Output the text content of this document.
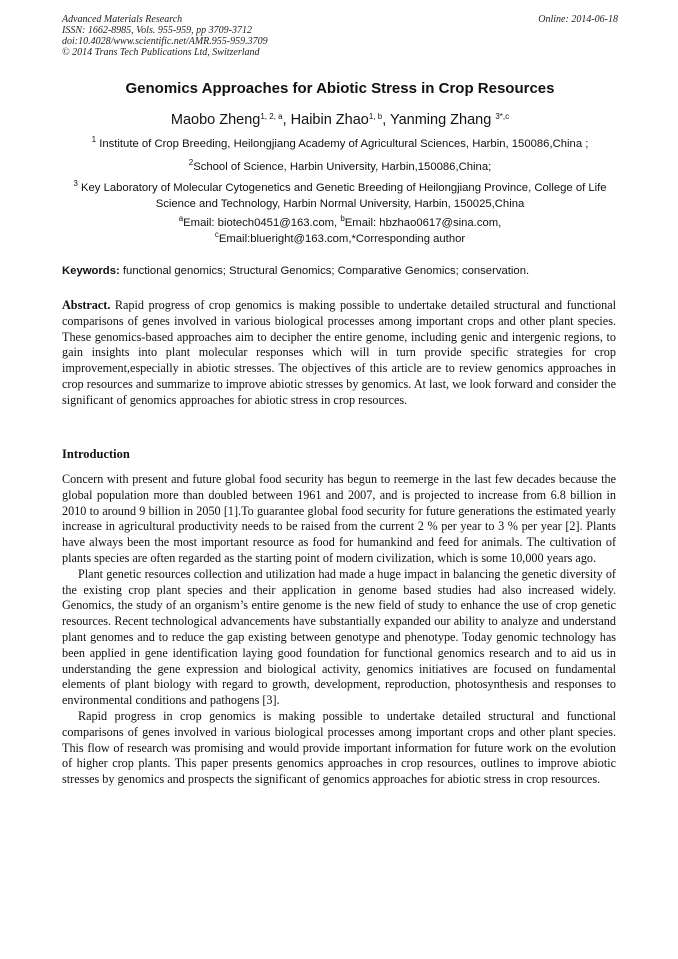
Advanced Materials Research
ISSN: 1662-8985, Vols. 955-959, pp 3709-3712
doi:10.4028/www.scientific.net/AMR.955-959.3709
© 2014 Trans Tech Publications Ltd, Switzerland
Online: 2014-06-18
Genomics Approaches for Abiotic Stress in Crop Resources
Maobo Zheng$^{1, 2, a}$, Haibin Zhao$^{1, b}$, Yanming Zhang $^{3*,c}$
$^1$ Institute of Crop Breeding, Heilongjiang Academy of Agricultural Sciences, Harbin, 150086,China ;
$^2$School of Science, Harbin University, Harbin,150086,China;
$^3$ Key Laboratory of Molecular Cytogenetics and Genetic Breeding of Heilongjiang Province, College of Life Science and Technology, Harbin Normal University, Harbin, 150025,China
$^a$Email: biotech0451@163.com, $^b$Email: hbzhao0617@sina.com,
$^c$Email:blueright@163.com,*Corresponding author
Keywords: functional genomics; Structural Genomics; Comparative Genomics; conservation.

Abstract. Rapid progress of crop genomics is making possible to undertake detailed structural and functional comparisons of genes involved in various biological processes among important crops and other plant species. These genomics-based approaches aim to decipher the entire genome, including genic and intergenic regions, to gain insights into plant molecular responses which will in turn provide specific strategies for crop improvement,especially in abiotic stresses. The objectives of this article are to review genomics approaches in crop resources and summarize to improve abiotic stresses by genomics. At last, we look forward and consider the significant of genomics approaches for abiotic stress in crop resources.

Introduction

Concern with present and future global food security has begun to reemerge in the last few decades because the global population more than doubled between 1961 and 2007, and is projected to increase from 6.8 billion in 2010 to around 9 billion in 2050 [1].To guarantee global food security for future generations the estimated yearly increase in agricultural productivity needs to be raised from the current 2 % per year to 3 % per year [2]. Plants have always been the most important resource as food for humankind and feed for animals. The cultivation of plants species are often regarded as the starting point of modern civilization, which is some 10,000 years ago.

Plant genetic resources collection and utilization had made a huge impact in balancing the genetic diversity of the existing crop plant species and their application in genome based studies had also increased widely. Genomics, the study of an organism’s entire genome is the new field of study to enhance the use of crop genetic resources. Recent technological advancements have substantially expanded our ability to analyze and understand plant genomes and to reduce the gap existing between genotype and phenotype. Today genomic technology has been applied in gene identification laying good foundation for functional genomics research and to aid us in understanding the gene expression and biological activity, genomics initiatives are focused on fundamental elements of plant biology with regard to growth, development, reproduction, photosynthesis and responses to environmental conditions and pathogens [3].

Rapid progress in crop genomics is making possible to undertake detailed structural and functional comparisons of genes involved in various biological processes among important crops and other plant species. This flow of research was promising and would provide important information for future work on the evolution of higher crop plants. This paper presents genomics approaches in crop resources, outlines to improve abiotic stresses by genomics and prospects the significant of genomics approaches for abiotic stress in crop resources.
